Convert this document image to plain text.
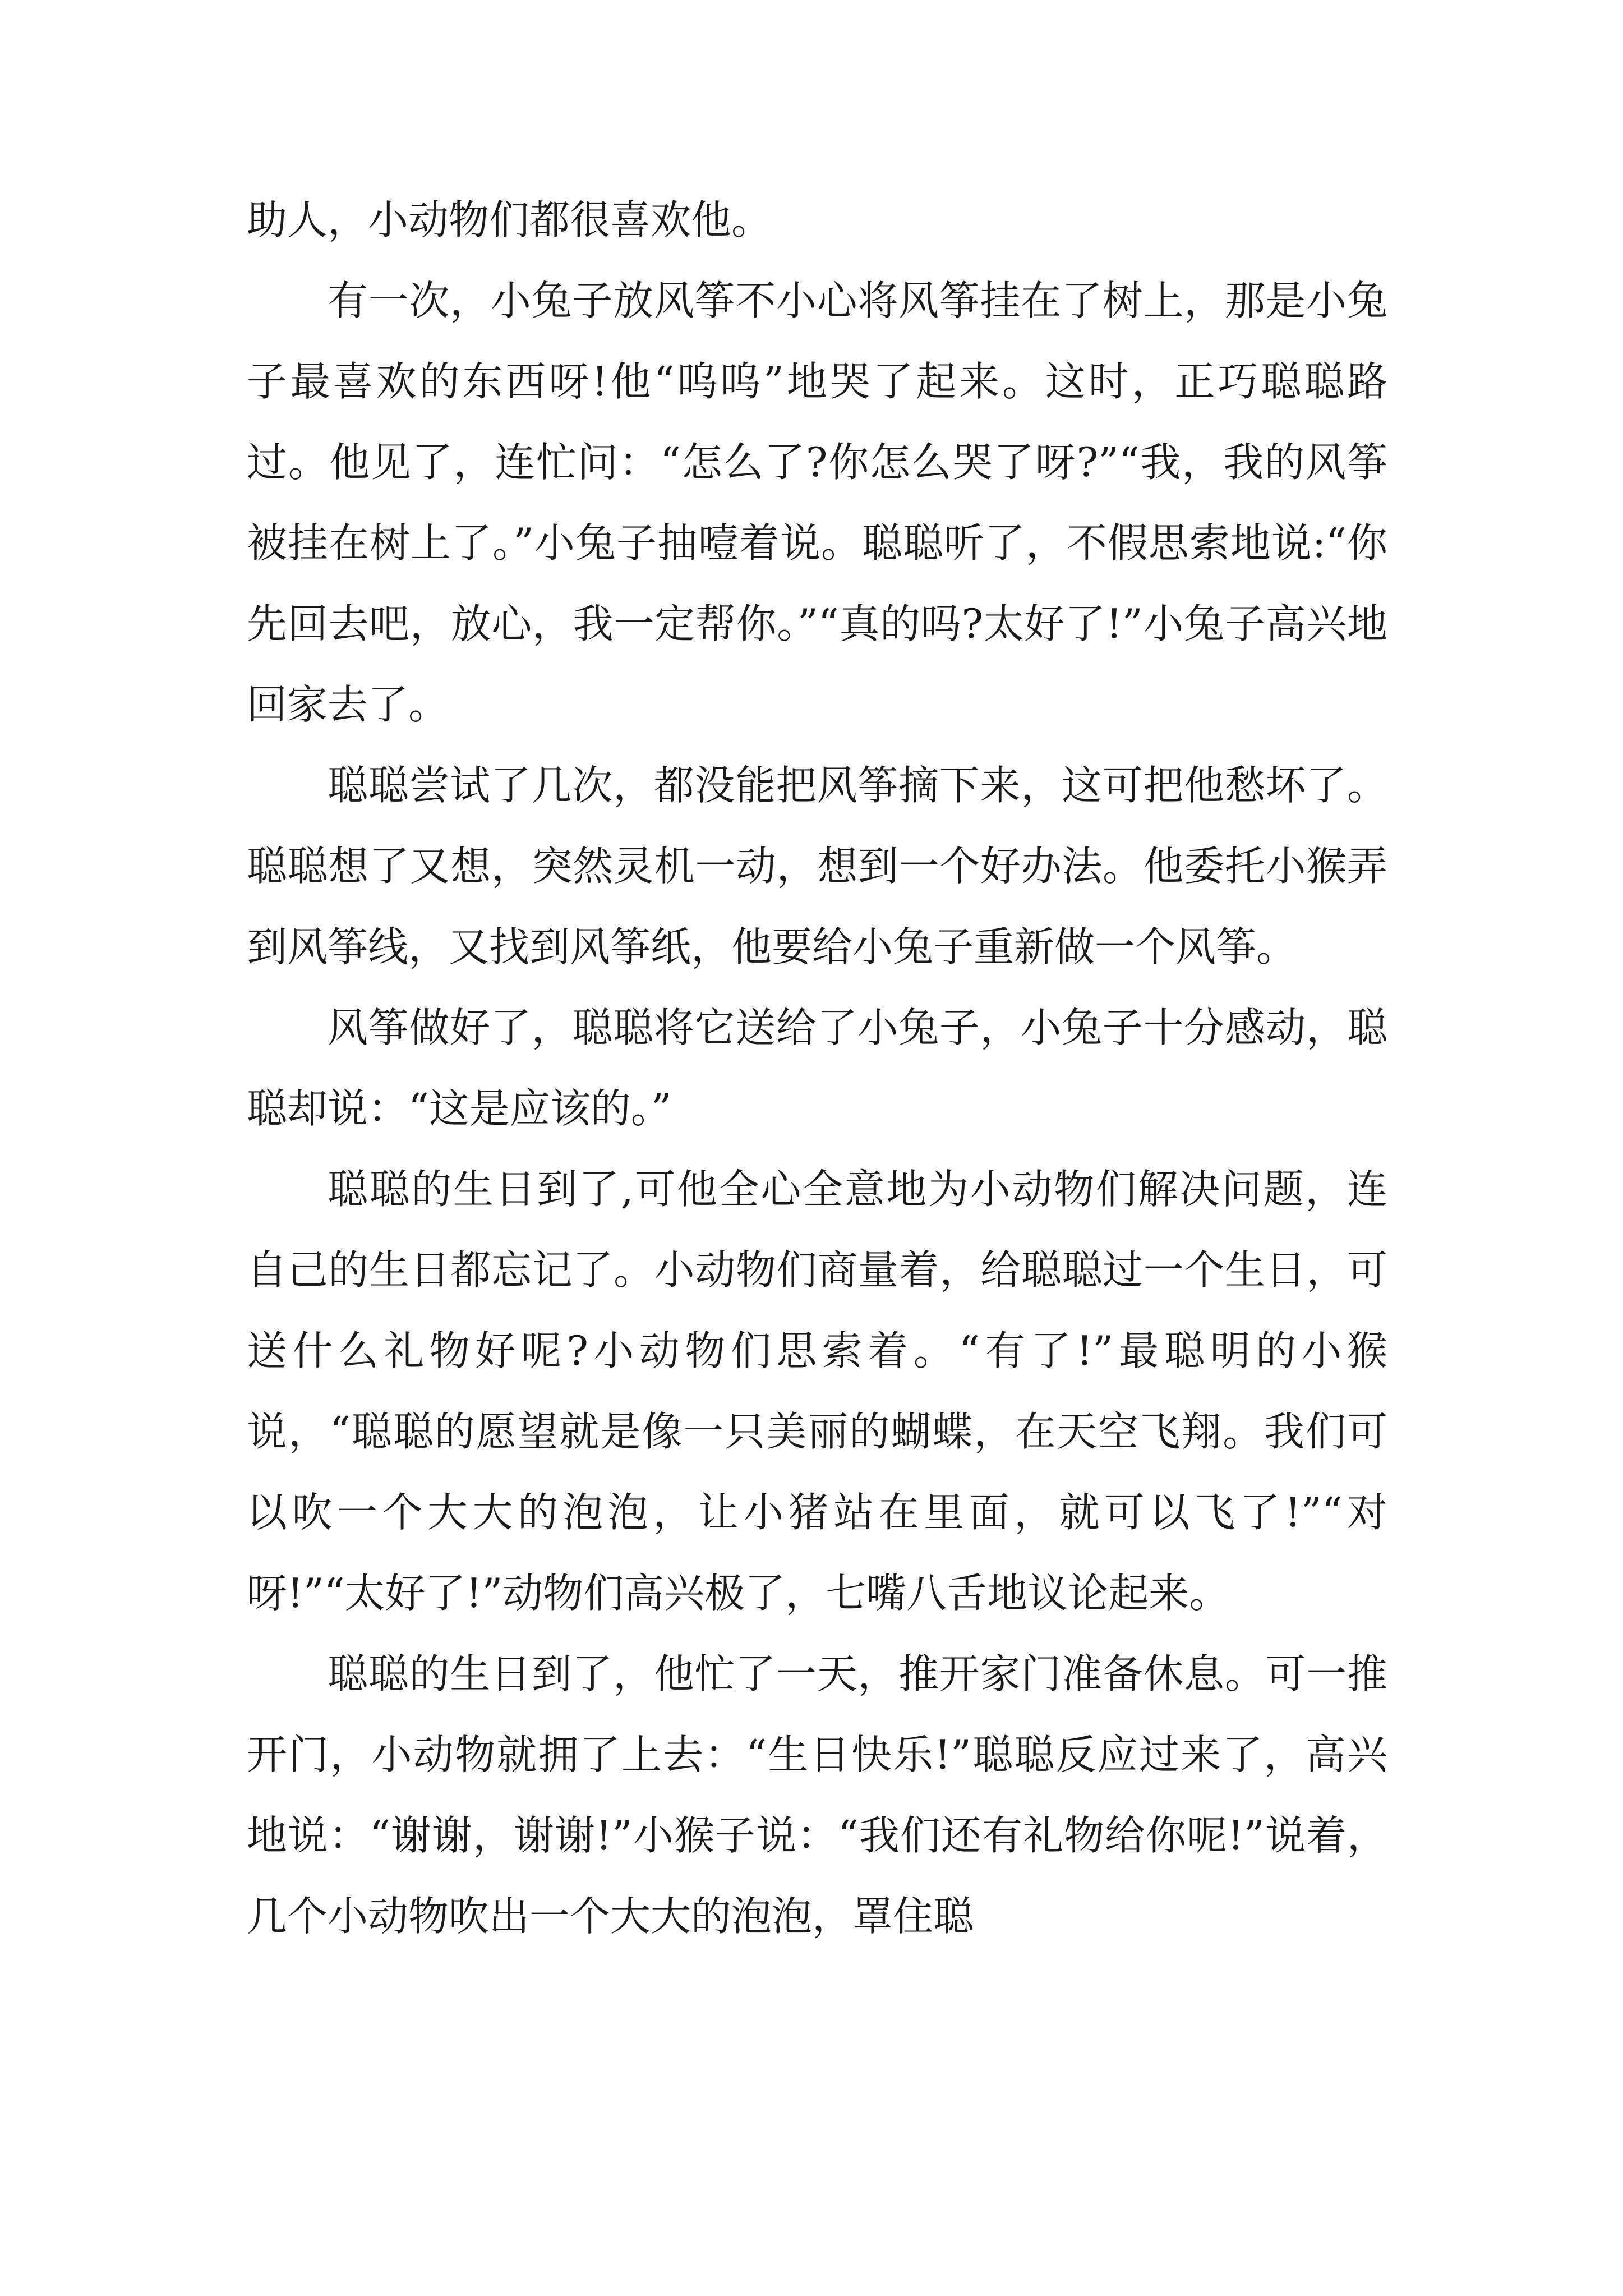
助人，小动物们都很喜欢他。

有一次，小兔子放风筝不小心将风筝挂在了树上，那是小兔子最喜欢的东西呀!他“呜呜”地哭了起来。这时，正巧聪聪路过。他见了，连忙问：“怎么了?你怎么哭了呀?”“我，我的风筝被挂在树上了。”小兔子抽噎着说。聪聪听了，不假思索地说:“你先回去吧，放心，我一定帮你。”“真的吗?太好了!”小兔子高兴地回家去了。

聪聪尝试了几次，都没能把风筝摘下来，这可把他愁坏了。聪聪想了又想，突然灵机一动，想到一个好办法。他委托小猴弄到风筝线，又找到风筝纸，他要给小兔子重新做一个风筝。

风筝做好了，聪聪将它送给了小兔子，小兔子十分感动，聪聪却说：“这是应该的。”

聪聪的生日到了,可他全心全意地为小动物们解决问题，连自己的生日都忘记了。小动物们商量着，给聪聪过一个生日，可送什么礼物好呢?小动物们思索着。“有了!”最聪明的小猴说，“聪聪的愿望就是像一只美丽的蝴蝶，在天空飞翔。我们可以吹一个大大的泡泡，让小猪站在里面，就可以飞了!”“对呀!”“太好了!”动物们高兴极了，七嘴八舌地议论起来。

聪聪的生日到了，他忙了一天，推开家门准备休息。可一推开门，小动物就拥了上去：“生日快乐!”聪聪反应过来了，高兴地说：“谢谢，谢谢!”小猴子说：“我们还有礼物给你呢!”说着，几个小动物吹出一个大大的泡泡，罩住聪
